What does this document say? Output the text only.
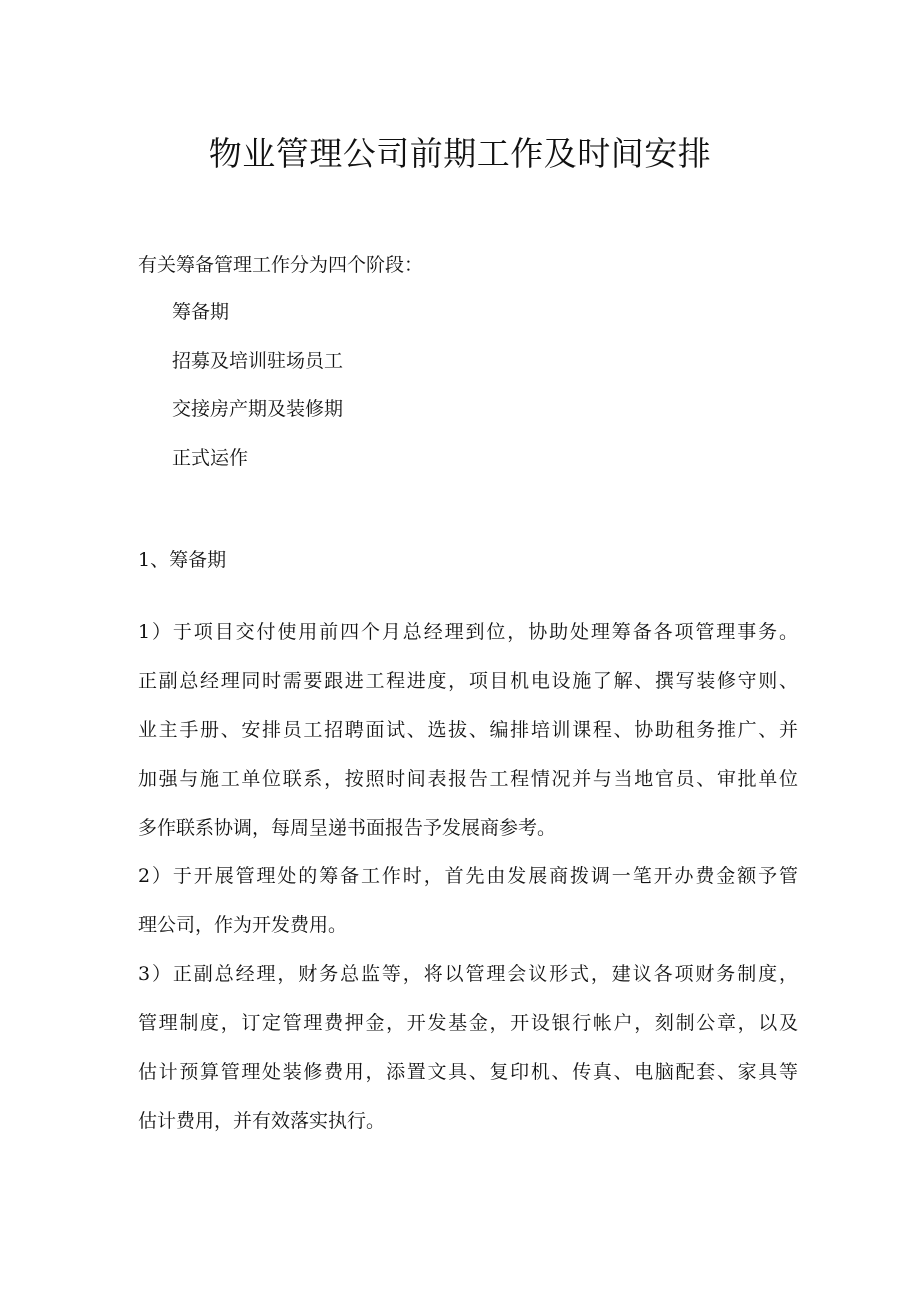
物业管理公司前期工作及时间安排
有关筹备管理工作分为四个阶段：
筹备期
招募及培训驻场员工
交接房产期及装修期
正式运作
1、筹备期
1）于项目交付使用前四个月总经理到位，协助处理筹备各项管理事务。
正副总经理同时需要跟进工程进度，项目机电设施了解、撰写装修守则、
业主手册、安排员工招聘面试、选拔、编排培训课程、协助租务推广、并
加强与施工单位联系，按照时间表报告工程情况并与当地官员、审批单位
多作联系协调，每周呈递书面报告予发展商参考。
2）于开展管理处的筹备工作时，首先由发展商拨调一笔开办费金额予管
理公司，作为开发费用。
3）正副总经理，财务总监等，将以管理会议形式，建议各项财务制度，
管理制度，订定管理费押金，开发基金，开设银行帐户，刻制公章，以及
估计预算管理处装修费用，添置文具、复印机、传真、电脑配套、家具等
估计费用，并有效落实执行。
